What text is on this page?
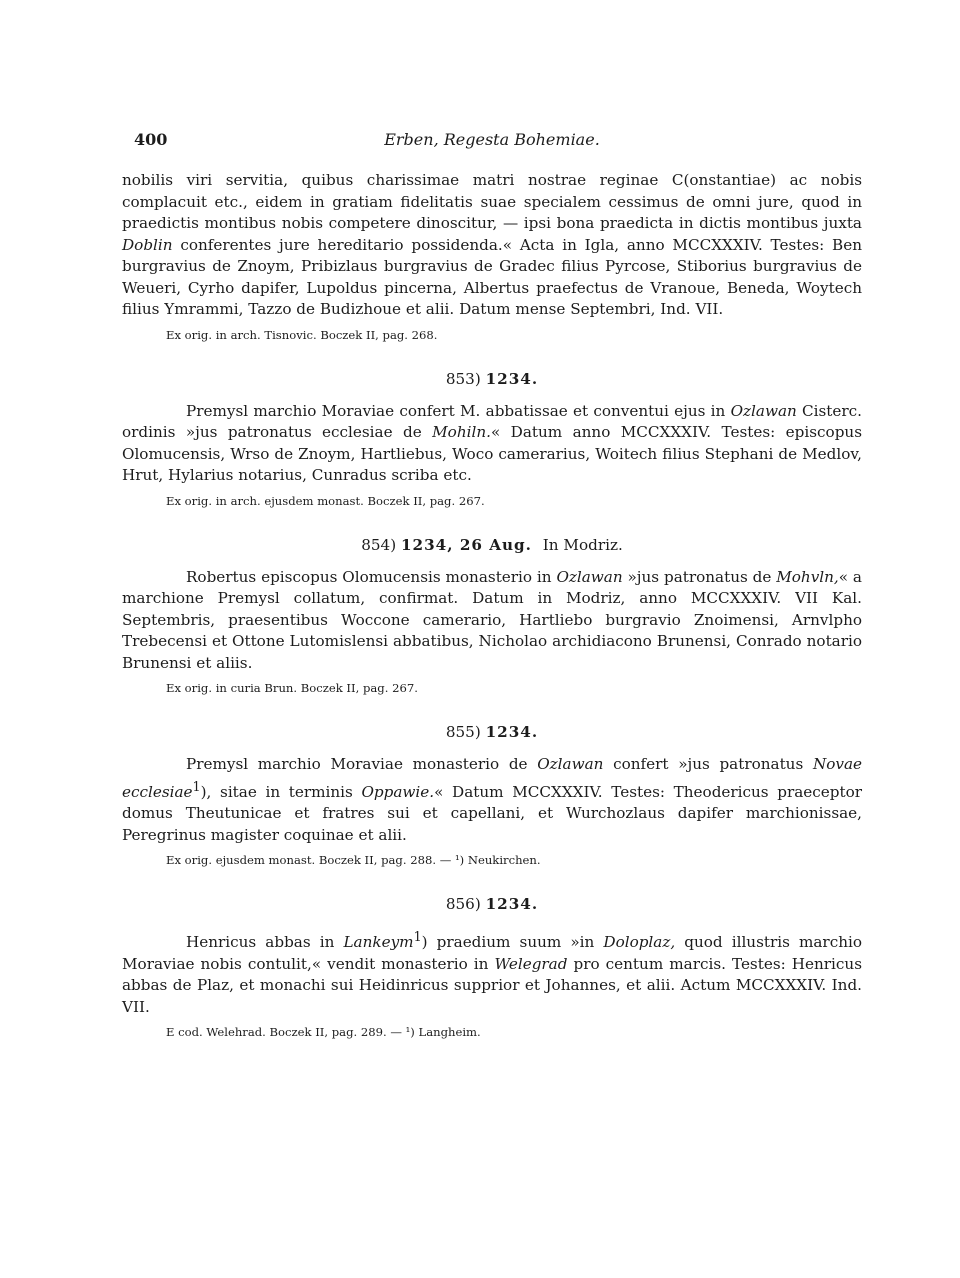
400	Erben, Regesta Bohemiae.

nobilis viri servitia, quibus charissimae matri nostrae reginae C(onstantiae) ac nobis complacuit etc., eidem in gratiam fidelitatis suae specialem cessimus de omni jure, quod in praedictis montibus nobis competere dinoscitur, — ipsi bona praedicta in dictis montibus juxta Doblin conferentes jure hereditario possidenda.« Acta in Igla, anno MCCXXXIV. Testes: Ben burgravius de Znoym, Pribizlaus burgravius de Gradec filius Pyrcose, Stiborius burgravius de Weueri, Cyrho dapifer, Lupoldus pincerna, Albertus praefectus de Vranoue, Beneda, Woytech filius Ymrammi, Tazzo de Budizhoue et alii. Datum mense Septembri, Ind. VII.

Ex orig. in arch. Tisnovic. Boczek II, pag. 268.
853) 1234.

Premysl marchio Moraviae confert M. abbatissae et conventui ejus in Ozlawan Cisterc. ordinis »jus patronatus ecclesiae de Mohiln.« Datum anno MCCXXXIV. Testes: episcopus Olomucensis, Wrso de Znoym, Hartliebus, Woco camerarius, Woitech filius Stephani de Medlov, Hrut, Hylarius notarius, Cunradus scriba etc.

Ex orig. in arch. ejusdem monast. Boczek II, pag. 267.
854) 1234, 26 Aug. In Modriz.

Robertus episcopus Olomucensis monasterio in Ozlawan »jus patronatus de Mohvln,« a marchione Premysl collatum, confirmat. Datum in Modriz, anno MCCXXXIV. VII Kal. Septembris, praesentibus Woccone camerario, Hartliebo burgravio Znoimensi, Arnvlpho Trebecensi et Ottone Lutomislensi abbatibus, Nicholao archidiacono Brunensi, Conrado notario Brunensi et aliis.

Ex orig. in curia Brun. Boczek II, pag. 267.
855) 1234.

Premysl marchio Moraviae monasterio de Ozlawan confert »jus patronatus Novae ecclesiae$^1$), sitae in terminis Oppawie.« Datum MCCXXXIV. Testes: Theodericus praeceptor domus Theutunicae et fratres sui et capellani, et Wurchozlaus dapifer marchionissae, Peregrinus magister coquinae et alii.

Ex orig. ejusdem monast. Boczek II, pag. 288. — ¹) Neukirchen.
856) 1234.

Henricus abbas in Lankeym$^1$) praedium suum »in Doloplaz, quod illustris marchio Moraviae nobis contulit,« vendit monasterio in Welegrad pro centum marcis. Testes: Henricus abbas de Plaz, et monachi sui Heidinricus supprior et Johannes, et alii. Actum MCCXXXIV. Ind. VII.

E cod. Welehrad. Boczek II, pag. 289. — ¹) Langheim.
